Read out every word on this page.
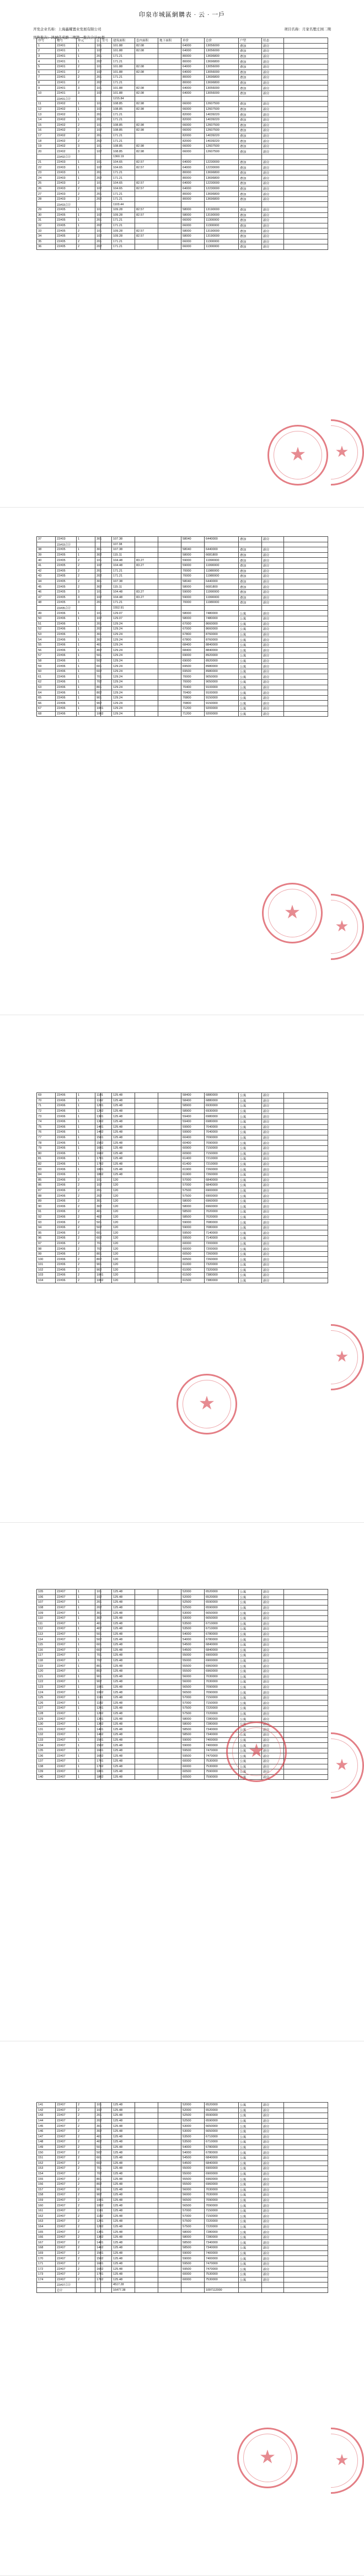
印泉市城區網購表 · 云 · 一戶
开发企业名称：上海鑫耀置业发展有限公司	项目名称：月家名墅庄园二期
预售批次：鸿城佳苑路二期第一批次合计86套
序号	楼号	单元	层	室号	建筑面积	套内面积	地下面积	单价	总价	户型	状态	
1	22#01	1	101		101.88	82.08		64000	13056000	叠加	新房	
2	22#01	1	102		101.88	82.08		64000	13056000	叠加	新房	
3	22#01	1	201		171.21			80000	13696800	叠加	新房	
4	22#01	1	202		171.21			80000	13696800	叠加	新房	
5	22#01	2	101		101.88	82.08		64000	13056000	叠加	新房	
6	22#01	2	102		101.88	82.08		64000	13056000	叠加	新房	
7	22#01	2	201		171.21			80000	13696800	叠加	新房	
8	22#01	2	202		171.21			80000	13696800	叠加	新房	
9	22#01	3	101		101.88	82.08		64000	13056000	叠加	新房	
10	22#01	3	102		101.88	82.08		64000	13056000	叠加	新房	
	22#01合计				1215.84							
11	22#02	1	101		108.85	82.98		66000	12607500	叠加	新房	
12	22#02	1	102		108.85	82.98		66000	12607500	叠加	新房	
13	22#02	1	201		171.21			82000	14039220	叠加	新房	
14	22#02	1	202		171.21			82000	14039220	叠加	新房	
15	22#02	2	101		108.85	82.98		66000	12607500	叠加	新房	
16	22#02	2	102		108.85	82.98		66000	12607500	叠加	新房	
17	22#02	2	201		171.21			82000	14039220	叠加	新房	
18	22#02	2	202		171.21			82000	14039220	叠加	新房	
19	22#02	3	101		108.85	82.98		66000	12607500	叠加	新房	
20	22#02	3	102		108.85	82.98		66000	12607500	叠加	新房	
	22#02合计				1360.19							
21	22#03	1	101		104.65	82.57		64000	12230000	叠加	新房	
22	22#03	1	102		104.65	82.57		64000	12230000	叠加	新房	
23	22#03	1	201		171.21			80000	13696800	叠加	新房	
24	22#03	1	202		171.21			80000	13696800	叠加	新房	
25	22#03	2	101		104.65	82.57		64000	12230000	叠加	新房	
26	22#03	2	102		104.65	82.57		64000	12230000	叠加	新房	
27	22#03	2	201		171.21			80000	13696800	叠加	新房	
28	22#03	2	202		171.21			80000	13696800	叠加	新房	
	22#03合计				1103.44							
29	22#05	1	101		109.28	82.57		58000	13190000	叠加	新房	
30	22#05	1	102		109.28	82.57		58000	13190000	叠加	新房	
31	22#05	1	201		171.21			66000	11300000	叠加	新房	
32	22#05	1	202		171.21			66000	11300000	叠加	新房	
33	22#05	2	101		109.28	82.57		58000	13190000	叠加	新房	
34	22#05	2	102		109.28	82.57		58000	13190000	叠加	新房	
35	22#05	2	201		171.21			66000	11300000	叠加	新房	
36	22#05	2	202		171.21			66000	11300000	叠加	新房	
★ ★
37	22#03	1	301		107.38			58040	6440000	叠加	新房	
	22#03合计				107.38							
38	22#05	1	301		107.38			58040	6440000	叠加	新房	
39	22#05	1	302		115.11			58000	6681800	叠加	新房	
40	22#05	2	101		104.48	83.27		59000	11990000	叠加	新房	
41	22#05	2	102		104.48	83.27		59000	11990000	叠加	新房	
42	22#05	2	201		171.21			70000	11980000	叠加	新房	
43	22#05	2	202		171.21			70000	11980000	叠加	新房	
44	22#05	2	301		107.38			58040	6440000	叠加	新房	
45	22#05	2	302		115.11			58000	6681800	叠加	新房	
46	22#05	3	101		104.48	83.27		59000	11990000	叠加	新房	
47	22#05	3	102		104.48	83.27		59000	11990000	叠加	新房	
48	22#05	3	201		171.21			70000	11980000	叠加	新房	
	22#05合计				1552.91							
49	22#06	1	101		129.07			58000	7480000	公寓	新房	
50	22#06	1	102		129.07			58000	7480000	公寓	新房	
51	22#06	1	201		129.24			67000	8660000	公寓	新房	
52	22#06	1	202		129.24			67000	8660000	公寓	新房	
53	22#06	1	301		129.24			67800	8760000	公寓	新房	
54	22#06	1	302		129.24			67800	8760000	公寓	新房	
55	22#06	1	401		129.24			68400	8840000	公寓	新房	
56	22#06	1	402		129.24			68400	8840000	公寓	新房	
57	22#06	1	501		129.24			69000	8920000	公寓	新房	
58	22#06	1	502		129.24			69000	8920000	公寓	新房	
59	22#06	1	601		129.24			69500	8980000	公寓	新房	
60	22#06	1	602		129.24			69500	8980000	公寓	新房	
61	22#06	1	701		129.24			70000	9050000	公寓	新房	
62	22#06	1	702		129.24			70000	9050000	公寓	新房	
63	22#06	1	801		129.24			70400	9100000	公寓	新房	
64	22#06	1	802		129.24			70400	9100000	公寓	新房	
65	22#06	1	901		129.24			70800	9150000	公寓	新房	
66	22#06	1	902		129.24			70800	9150000	公寓	新房	
67	22#06	1	1001		129.24			71200	9200000	公寓	新房	
68	22#06	1	1002		129.24			71200	9200000	公寓	新房	
★
★
69	22#06	1	1101		125.48			58400	6880000	公寓	新房	
70	22#06	1	1102		125.48			58400	6880000	公寓	新房	
71	22#06	1	1201		125.48			58900	6930000	公寓	新房	
72	22#06	1	1202		125.48			58900	6930000	公寓	新房	
73	22#06	1	1301		125.48			59400	6980000	公寓	新房	
74	22#06	1	1302		125.48			59400	6980000	公寓	新房	
75	22#06	1	1401		125.48			59900	7040000	公寓	新房	
76	22#06	1	1402		125.48			59900	7040000	公寓	新房	
77	22#06	1	1501		125.48			60400	7090000	公寓	新房	
78	22#06	1	1502		125.48			60400	7090000	公寓	新房	
79	22#06	1	1601		125.48			60900	7150000	公寓	新房	
80	22#06	1	1602		125.48			60900	7150000	公寓	新房	
81	22#06	1	1701		125.48			61400	7210000	公寓	新房	
82	22#06	1	1702		125.48			61400	7210000	公寓	新房	
83	22#06	1	1801		125.48			61900	7260000	公寓	新房	
84	22#06	1	1802		125.48			61900	7260000	公寓	新房	
85	22#06	2	101		120			57000	6840000	公寓	新房	
86	22#06	2	102		120			57000	6840000	公寓	新房	
87	22#06	2	201		120			57500	6900000	公寓	新房	
88	22#06	2	202		120			57500	6900000	公寓	新房	
89	22#06	2	301		120			58000	6960000	公寓	新房	
90	22#06	2	302		120			58000	6960000	公寓	新房	
91	22#06	2	401		120			58500	7020000	公寓	新房	
92	22#06	2	402		120			58500	7020000	公寓	新房	
93	22#06	2	501		120			59000	7080000	公寓	新房	
94	22#06	2	502		120			59000	7080000	公寓	新房	
95	22#06	2	601		120			59500	7140000	公寓	新房	
96	22#06	2	602		120			59500	7140000	公寓	新房	
97	22#06	2	701		120			60000	7200000	公寓	新房	
98	22#06	2	702		120			60000	7200000	公寓	新房	
99	22#06	2	801		120			60500	7260000	公寓	新房	
100	22#06	2	802		120			60500	7260000	公寓	新房	
101	22#06	2	901		120			61000	7320000	公寓	新房	
102	22#06	2	902		120			61000	7320000	公寓	新房	
103	22#06	2	1001		120			61500	7380000	公寓	新房	
104	22#06	2	1002		120			61500	7380000	公寓	新房	
★
★
105	22#07	1	101		125.48			52000	6520000	公寓	新房	
106	22#07	1	102		125.48			52000	6520000	公寓	新房	
107	22#07	1	201		125.48			52500	6590000	公寓	新房	
108	22#07	1	202		125.48			52500	6590000	公寓	新房	
109	22#07	1	301		125.48			53000	6650000	公寓	新房	
110	22#07	1	302		125.48			53000	6650000	公寓	新房	
111	22#07	1	401		125.48			53500	6710000	公寓	新房	
112	22#07	1	402		125.48			53500	6710000	公寓	新房	
113	22#07	1	501		125.48			54000	6780000	公寓	新房	
114	22#07	1	502		125.48			54000	6780000	公寓	新房	
115	22#07	1	601		125.48			54500	6840000	公寓	新房	
116	22#07	1	602		125.48			54500	6840000	公寓	新房	
117	22#07	1	701		125.48			55000	6900000	公寓	新房	
118	22#07	1	702		125.48			55000	6900000	公寓	新房	
119	22#07	1	801		125.48			55500	6960000	公寓	新房	
120	22#07	1	802		125.48			55500	6960000	公寓	新房	
121	22#07	1	901		125.48			56000	7030000	公寓	新房	
122	22#07	1	902		125.48			56000	7030000	公寓	新房	
123	22#07	1	1001		125.48			56500	7090000	公寓	新房	
124	22#07	1	1002		125.48			56500	7090000	公寓	新房	
125	22#07	1	1101		125.48			57000	7150000	公寓	新房	
126	22#07	1	1102		125.48			57000	7150000	公寓	新房	
127	22#07	1	1201		125.48			57500	7220000	公寓	新房	
128	22#07	1	1202		125.48			57500	7220000	公寓	新房	
129	22#07	1	1301		125.48			58000	7280000	公寓	新房	
130	22#07	1	1302		125.48			58000	7280000	公寓	新房	
131	22#07	1	1401		125.48			58500	7340000	公寓	新房	
132	22#07	1	1402		125.48			58500	7340000	公寓	新房	
133	22#07	1	1501		125.48			59000	7400000	公寓	新房	
134	22#07	1	1502		125.48			59000	7400000	公寓	新房	
135	22#07	1	1601		125.48			59500	7470000	公寓	新房	
136	22#07	1	1602		125.48			59500	7470000	公寓	新房	
137	22#07	1	1701		125.48			60000	7530000	公寓	新房	
138	22#07	1	1702		125.48			60000	7530000	公寓	新房	
139	22#07	1	1801		125.48			60500	7590000	公寓	新房	
140	22#07	1	1802		125.48			60500	7590000	公寓	新房	
★
★
141	22#07	2	101		125.48			52000	6520000	公寓	新房	
142	22#07	2	102		125.48			52000	6520000	公寓	新房	
143	22#07	2	201		125.48			52500	6590000	公寓	新房	
144	22#07	2	202		125.48			52500	6590000	公寓	新房	
145	22#07	2	301		125.48			53000	6650000	公寓	新房	
146	22#07	2	302		125.48			53000	6650000	公寓	新房	
147	22#07	2	401		125.48			53500	6710000	公寓	新房	
148	22#07	2	402		125.48			53500	6710000	公寓	新房	
149	22#07	2	501		125.48			54000	6780000	公寓	新房	
150	22#07	2	502		125.48			54000	6780000	公寓	新房	
151	22#07	2	601		125.48			54500	6840000	公寓	新房	
152	22#07	2	602		125.48			54500	6840000	公寓	新房	
153	22#07	2	701		125.48			55000	6900000	公寓	新房	
154	22#07	2	702		125.48			55000	6900000	公寓	新房	
155	22#07	2	801		125.48			55500	6960000	公寓	新房	
156	22#07	2	802		125.48			55500	6960000	公寓	新房	
157	22#07	2	901		125.48			56000	7030000	公寓	新房	
158	22#07	2	902		125.48			56000	7030000	公寓	新房	
159	22#07	2	1001		125.48			56500	7090000	公寓	新房	
160	22#07	2	1002		125.48			56500	7090000	公寓	新房	
161	22#07	2	1101		125.48			57000	7150000	公寓	新房	
162	22#07	2	1102		125.48			57000	7150000	公寓	新房	
163	22#07	2	1201		125.48			57500	7220000	公寓	新房	
164	22#07	2	1202		125.48			57500	7220000	公寓	新房	
165	22#07	2	1301		125.48			58000	7280000	公寓	新房	
166	22#07	2	1302		125.48			58000	7280000	公寓	新房	
167	22#07	2	1401		125.48			58500	7340000	公寓	新房	
168	22#07	2	1402		125.48			58500	7340000	公寓	新房	
169	22#07	2	1501		125.48			59000	7400000	公寓	新房	
170	22#07	2	1502		125.48			59000	7400000	公寓	新房	
171	22#07	2	1601		125.48			59500	7470000	公寓	新房	
172	22#07	2	1602		125.48			59500	7470000	公寓	新房	
173	22#07	2	1701		125.48			60000	7530000	公寓	新房	
174	22#07	2	1702		125.48			60000	7530000	公寓	新房	
	22#07合计				4517.28							
	总计				16477.38				1097112000			
★	★
